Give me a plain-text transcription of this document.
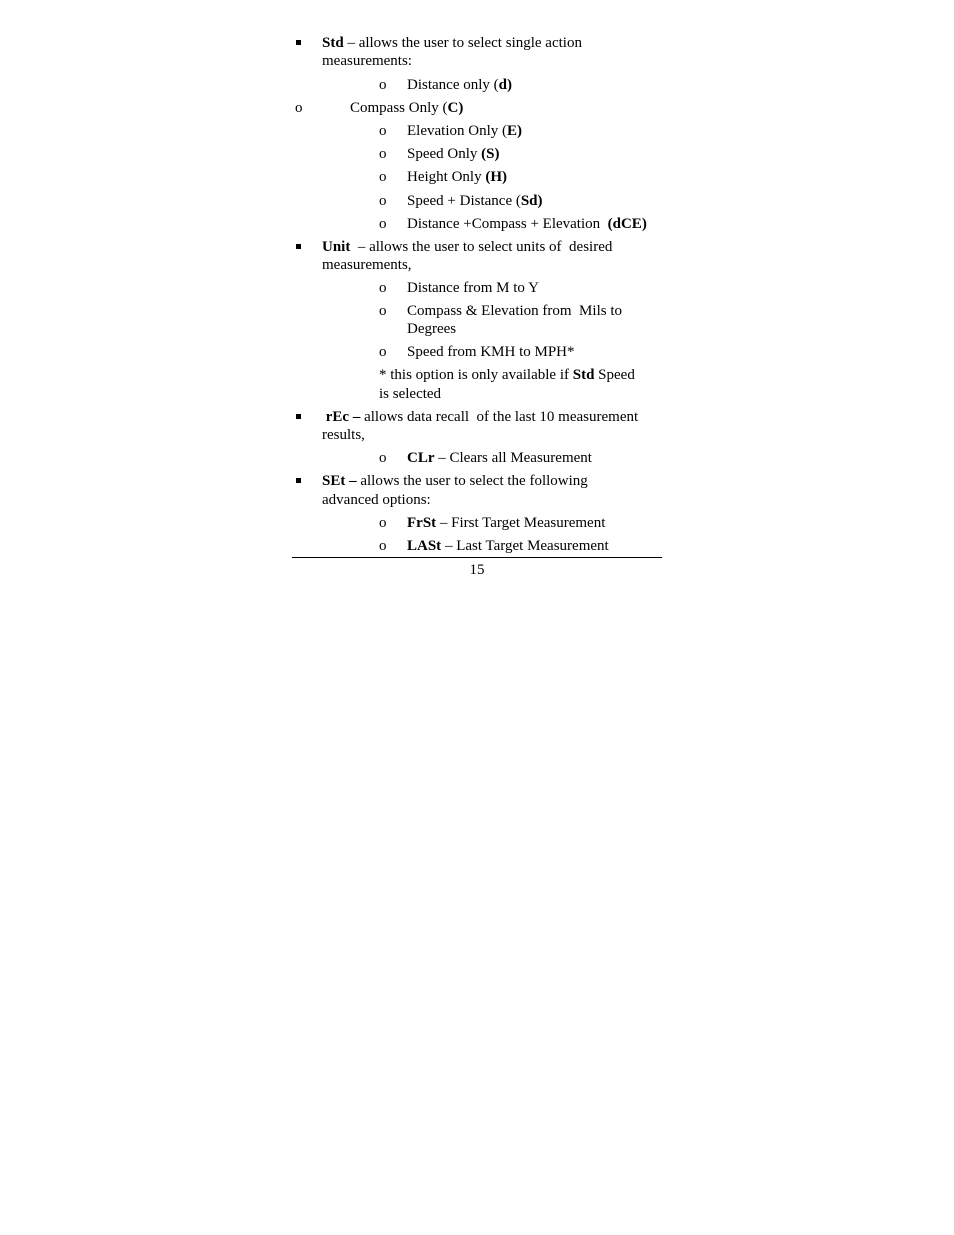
Std – allows the user to select single action
measurements:
o Distance only (d)
o	Compass Only (C)
o Elevation Only (E)
o Speed Only (S)
o Height Only (H)
o Speed + Distance (Sd)
o Distance +Compass + Elevation  (dCE)
Unit  – allows the user to select units of  desired
measurements,
o Distance from M to Y
o Compass & Elevation from  Mils to
Degrees
o Speed from KMH to MPH*
* this option is only available if Std Speed
is selected
rEc – allows data recall  of the last 10 measurement
results,
o CLr – Clears all Measurement
SEt – allows the user to select the following
advanced options:
o FrSt – First Target Measurement
o LASt – Last Target Measurement
15
